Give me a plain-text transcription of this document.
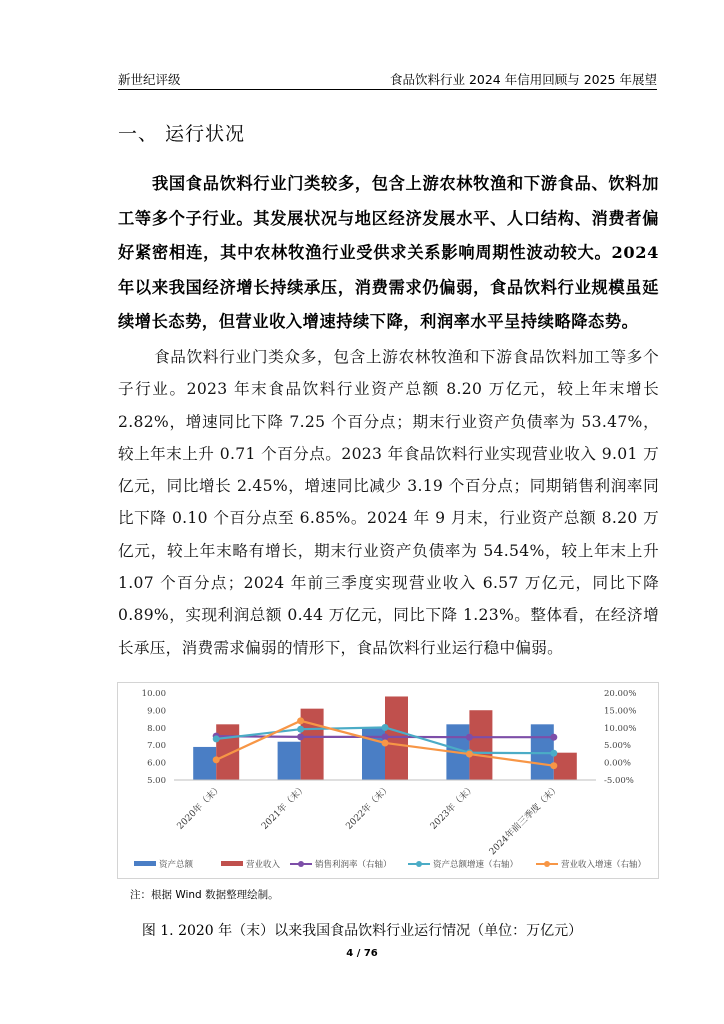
新世纪评级	食品饮料行业 2024 年信用回顾与 2025 年展望
一、 运行状况
我国食品饮料行业门类较多，包含上游农林牧渔和下游食品、饮料加工等多个子行业。其发展状况与地区经济发展水平、人口结构、消费者偏好紧密相连，其中农林牧渔行业受供求关系影响周期性波动较大。2024 年以来我国经济增长持续承压，消费需求仍偏弱，食品饮料行业规模虽延续增长态势，但营业收入增速持续下降，利润率水平呈持续略降态势。
食品饮料行业门类众多，包含上游农林牧渔和下游食品饮料加工等多个子行业。2023 年末食品饮料行业资产总额 8.20 万亿元，较上年末增长 2.82%，增速同比下降 7.25 个百分点；期末行业资产负债率为 53.47%，较上年末上升 0.71 个百分点。2023 年食品饮料行业实现营业收入 9.01 万亿元，同比增长 2.45%，增速同比减少 3.19 个百分点；同期销售利润率同比下降 0.10 个百分点至 6.85%。2024 年 9 月末，行业资产总额 8.20 万亿元，较上年末略有增长，期末行业资产负债率为 54.54%，较上年末上升 1.07 个百分点；2024 年前三季度实现营业收入 6.57 万亿元，同比下降 0.89%，实现利润总额 0.44 万亿元，同比下降 1.23%。整体看，在经济增长承压，消费需求偏弱的情形下，食品饮料行业运行稳中偏弱。
5.00
6.00
7.00
8.00
9.00
10.00
-5.00%
0.00%
5.00%
10.00%
15.00%
20.00%
2020年（末）	2021年（末）	2022年（末）	2023年（末） 2024年前三季度（末）
资产总额	营业收入	销售利润率（右轴）	资产总额增速（右轴）	营业收入增速（右轴）
注：根据 Wind 数据整理绘制。
图 1. 2020 年（末）以来我国食品饮料行业运行情况（单位：万亿元）
4 / 76
